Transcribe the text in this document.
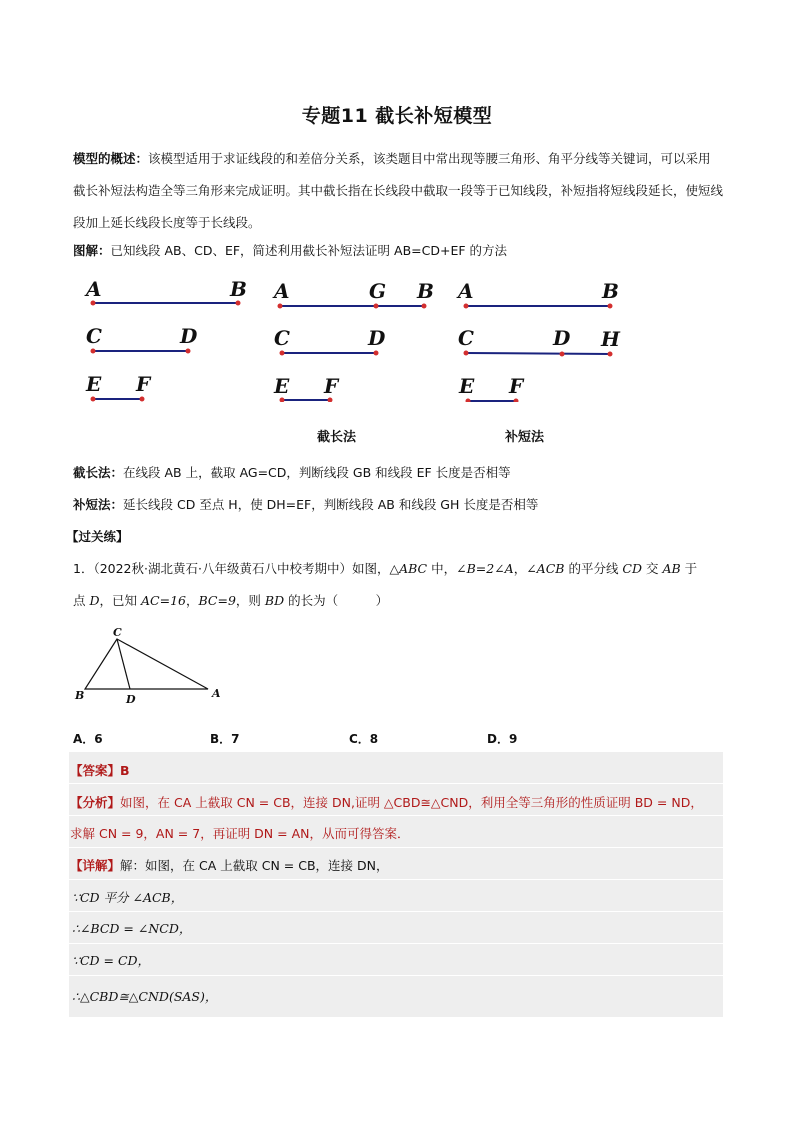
专题11 截长补短模型
模型的概述：该模型适用于求证线段的和差倍分关系，该类题目中常出现等腰三角形、角平分线等关键词，可以采用截长补短法构造全等三角形来完成证明。其中截长指在长线段中截取一段等于已知线段，补短指将短线段延长，使短线段加上延长线段长度等于长线段。
图解：已知线段 AB、CD、EF，简述利用截长补短法证明 AB=CD+EF 的方法
A	B
C	D
E F
A	G B
C	D
E F
A	B
C	D H
E F
截长法	补短法
截长法：在线段 AB 上，截取 AG=CD，判断线段 GB 和线段 EF 长度是否相等
补短法：延长线段 CD 至点 H，使 DH=EF，判断线段 AB 和线段 GH 长度是否相等
【过关练】
1．（2022秋·湖北黄石·八年级黄石八中校考期中）如图，△ABC 中，∠B=2∠A，∠ACB 的平分线 CD 交 AB 于
点 D，已知 AC=16，BC=9，则 BD 的长为（　　　）
C
B	D	A
A．6	B．7	C．8	D．9
【答案】B
【分析】如图，在 CA 上截取 CN = CB，连接 DN,证明 △CBD≅△CND，利用全等三角形的性质证明 BD = ND，
求解 CN = 9，AN = 7，再证明 DN = AN，从而可得答案．
【详解】解：如图，在 CA 上截取 CN = CB，连接 DN，
∵CD 平分 ∠ACB，
∴∠BCD = ∠NCD，
∵CD = CD，
∴△CBD≅△CND(SAS)，
